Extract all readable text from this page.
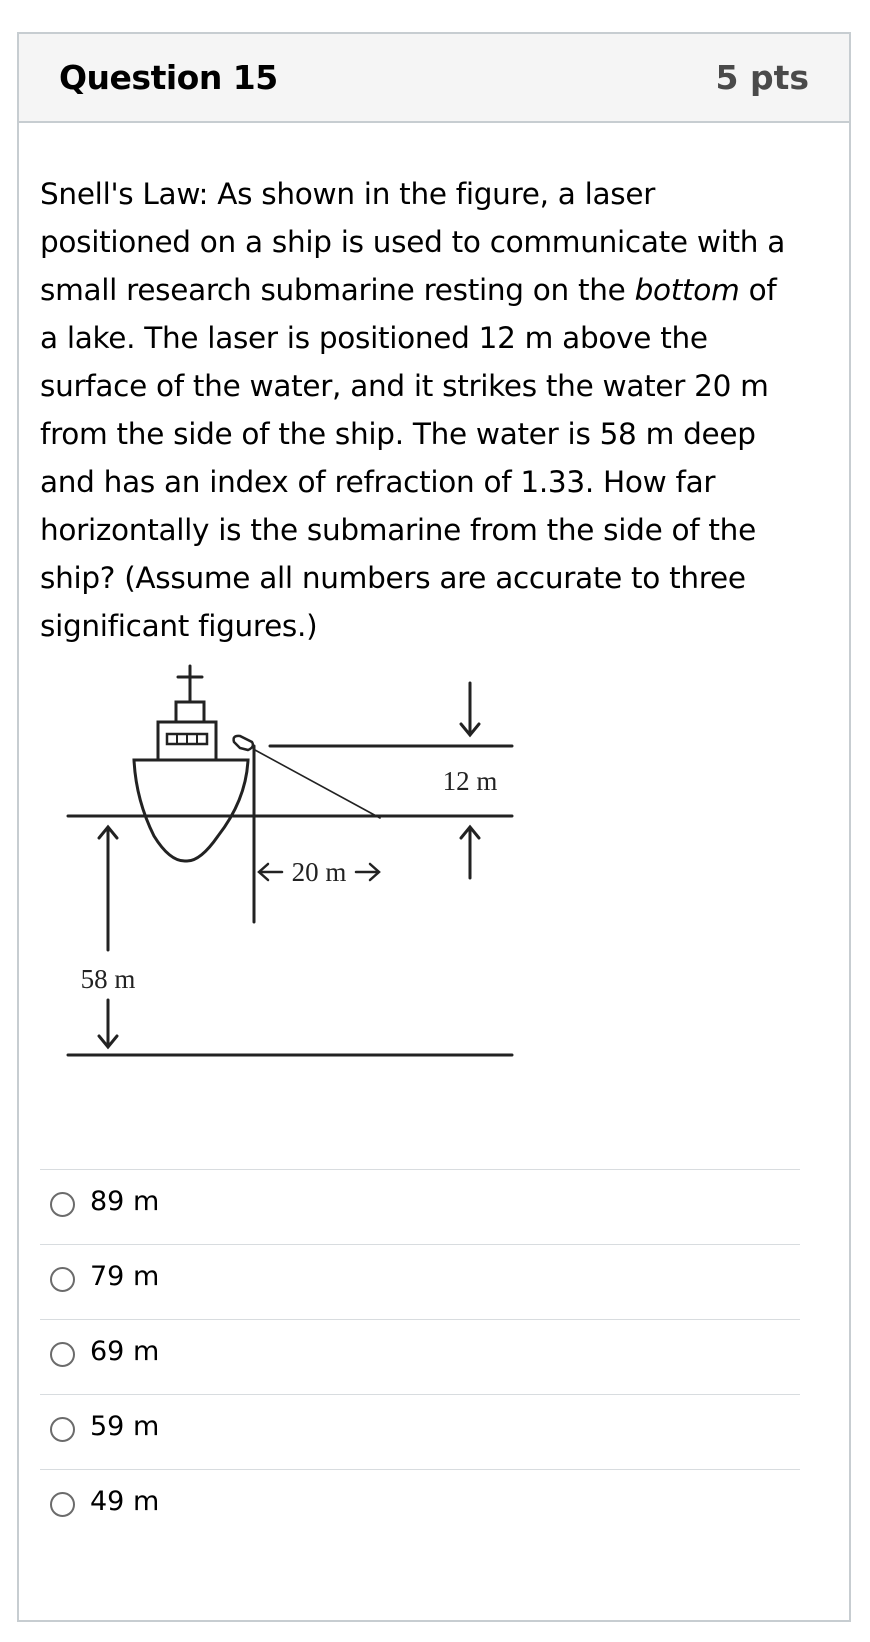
Question 15	5 pts
Snell's Law: As shown in the figure, a laser positioned on a ship is used to communicate with a small research submarine resting on the bottom of a lake. The laser is positioned 12 m above the surface of the water, and it strikes the water 20 m from the side of the ship. The water is 58 m deep and has an index of refraction of 1.33. How far horizontally is the submarine from the side of the ship? (Assume all numbers are accurate to three significant figures.)
12 m
20 m
58 m
89 m
79 m
69 m
59 m
49 m
